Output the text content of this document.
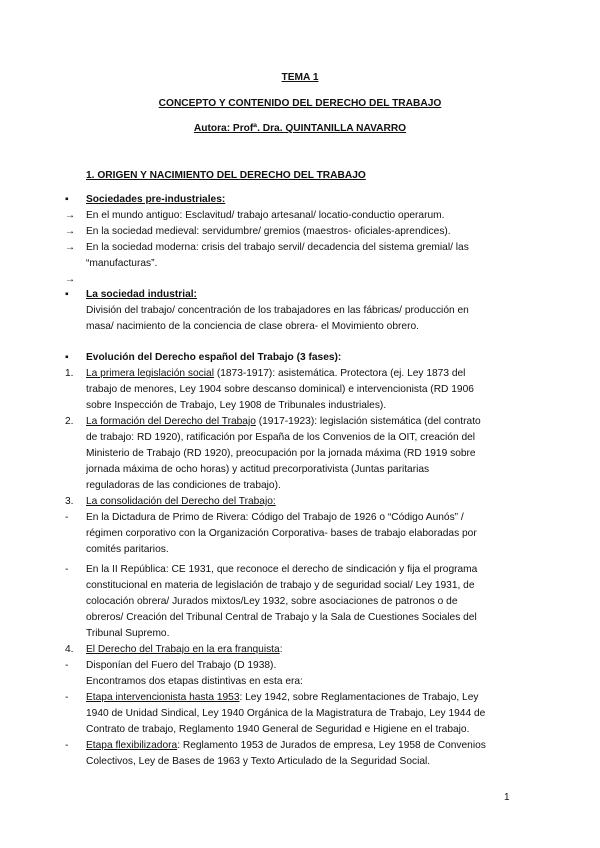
TEMA 1
CONCEPTO Y CONTENIDO DEL DERECHO DEL TRABAJO
Autora: Profª. Dra. QUINTANILLA NAVARRO
1. ORIGEN Y NACIMIENTO DEL DERECHO DEL TRABAJO
▪	Sociedades pre-industriales:
→	En el mundo antiguo: Esclavitud/ trabajo artesanal/ locatio-conductio operarum.
→	En la sociedad medieval: servidumbre/ gremios (maestros- oficiales-aprendices).
→	En la sociedad moderna: crisis del trabajo servil/ decadencia del sistema gremial/ las
“manufacturas”.
→
▪	La sociedad industrial:
División del trabajo/ concentración de los trabajadores en las fábricas/ producción en
masa/ nacimiento de la conciencia de clase obrera- el Movimiento obrero.
▪	Evolución del Derecho español del Trabajo (3 fases):
1.	La primera legislación social (1873-1917): asistemática. Protectora (ej. Ley 1873 del
trabajo de menores, Ley 1904 sobre descanso dominical) e intervencionista (RD 1906
sobre Inspección de Trabajo, Ley 1908 de Tribunales industriales).
2.	La formación del Derecho del Trabajo (1917-1923): legislación sistemática (del contrato
de trabajo: RD 1920), ratificación por España de los Convenios de la OIT, creación del
Ministerio de Trabajo (RD 1920), preocupación por la jornada máxima (RD 1919 sobre
jornada máxima de ocho horas) y actitud precorporativista (Juntas paritarias
reguladoras de las condiciones de trabajo).
3.	La consolidación del Derecho del Trabajo:
-	En la Dictadura de Primo de Rivera: Código del Trabajo de 1926 o “Código Aunós” /
régimen corporativo con la Organización Corporativa- bases de trabajo elaboradas por
comités paritarios.
-	En la II República: CE 1931, que reconoce el derecho de sindicación y fija el programa
constitucional en materia de legislación de trabajo y de seguridad social/ Ley 1931, de
colocación obrera/ Jurados mixtos/Ley 1932, sobre asociaciones de patronos o de
obreros/ Creación del Tribunal Central de Trabajo y la Sala de Cuestiones Sociales del
Tribunal Supremo.
4.	El Derecho del Trabajo en la era franquista:
-	Disponían del Fuero del Trabajo (D 1938).
Encontramos dos etapas distintivas en esta era:
-	Etapa intervencionista hasta 1953: Ley 1942, sobre Reglamentaciones de Trabajo, Ley
1940 de Unidad Sindical, Ley 1940 Orgánica de la Magistratura de Trabajo, Ley 1944 de
Contrato de trabajo, Reglamento 1940 General de Seguridad e Higiene en el trabajo.
-	Etapa flexibilizadora: Reglamento 1953 de Jurados de empresa, Ley 1958 de Convenios
Colectivos, Ley de Bases de 1963 y Texto Articulado de la Seguridad Social.
1
